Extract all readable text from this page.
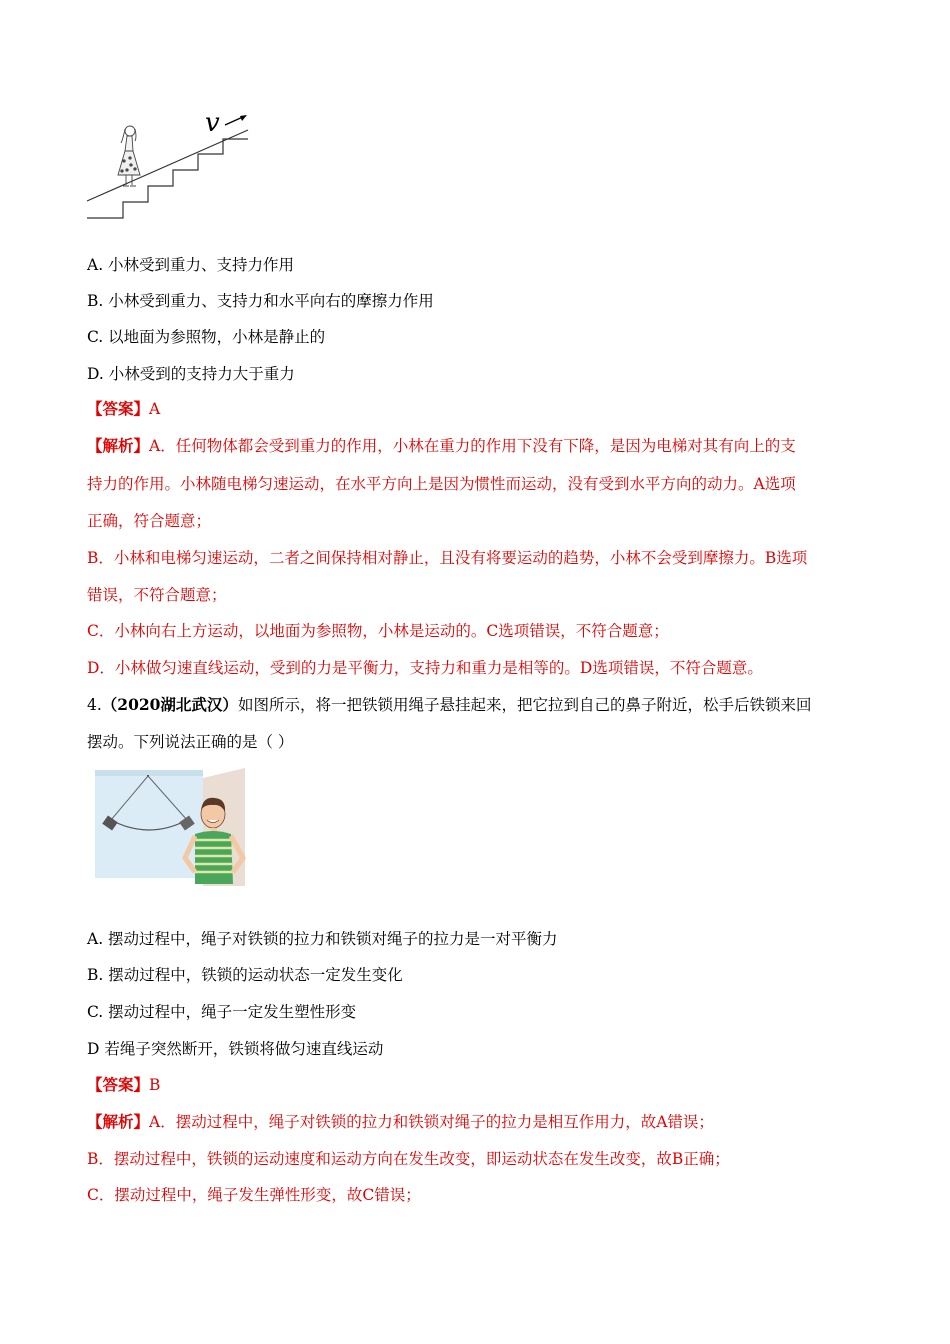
v
A. 小林受到重力、支持力作用
B. 小林受到重力、支持力和水平向右的摩擦力作用
C. 以地面为参照物，小林是静止的
D. 小林受到的支持力大于重力
【答案】A
【解析】A．任何物体都会受到重力的作用，小林在重力的作用下没有下降，是因为电梯对其有向上的支
持力的作用。小林随电梯匀速运动，在水平方向上是因为惯性而运动，没有受到水平方向的动力。A选项
正确，符合题意；
B．小林和电梯匀速运动，二者之间保持相对静止，且没有将要运动的趋势，小林不会受到摩擦力。B选项
错误，不符合题意；
C．小林向右上方运动，以地面为参照物，小林是运动的。C选项错误，不符合题意；
D．小林做匀速直线运动，受到的力是平衡力，支持力和重力是相等的。D选项错误，不符合题意。
4.（2020湖北武汉）如图所示，将一把铁锁用绳子悬挂起来，把它拉到自己的鼻子附近，松手后铁锁来回
摆动。下列说法正确的是（ ）
A. 摆动过程中，绳子对铁锁的拉力和铁锁对绳子的拉力是一对平衡力
B. 摆动过程中，铁锁的运动状态一定发生变化
C. 摆动过程中，绳子一定发生塑性形变
D 若绳子突然断开，铁锁将做匀速直线运动
【答案】B
【解析】A．摆动过程中，绳子对铁锁的拉力和铁锁对绳子的拉力是相互作用力，故A错误；
B．摆动过程中，铁锁的运动速度和运动方向在发生改变，即运动状态在发生改变，故B正确；
C．摆动过程中，绳子发生弹性形变，故C错误；
